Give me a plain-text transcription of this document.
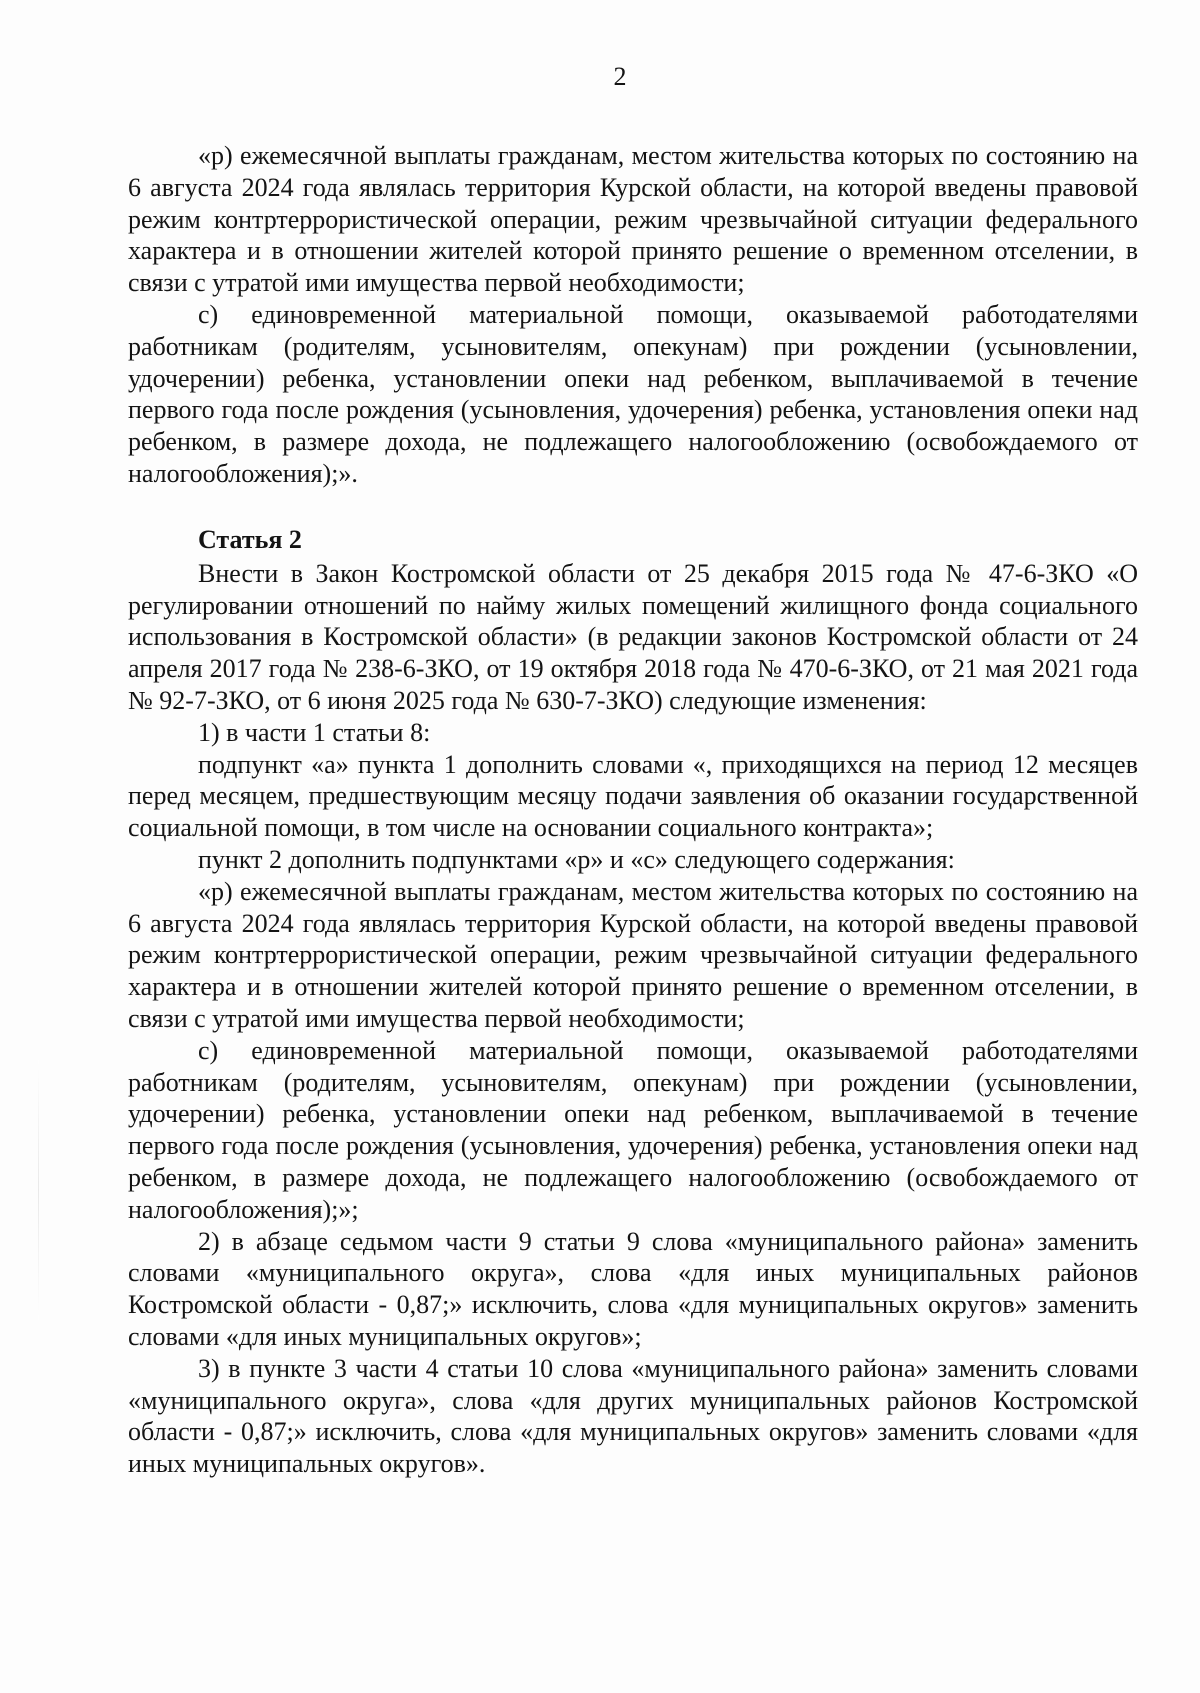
2

«р) ежемесячной выплаты гражданам, местом жительства которых по состоянию на 6 августа 2024 года являлась территория Курской области, на которой введены правовой режим контртеррористической операции, режим чрезвычайной ситуации федерального характера и в отношении жителей которой принято решение о временном отселении, в связи с утратой ими имущества первой необходимости;

с) единовременной материальной помощи, оказываемой работодателями работникам (родителям, усыновителям, опекунам) при рождении (усыновлении, удочерении) ребенка, установлении опеки над ребенком, выплачиваемой в течение первого года после рождения (усыновления, удочерения) ребенка, установления опеки над ребенком, в размере дохода, не подлежащего налогообложению (освобождаемого от налогообложения);».

Статья 2

Внести в Закон Костромской области от 25 декабря 2015 года № 47-6-ЗКО «О регулировании отношений по найму жилых помещений жилищного фонда социального использования в Костромской области» (в редакции законов Костромской области от 24 апреля 2017 года № 238-6-ЗКО, от 19 октября 2018 года № 470-6-ЗКО, от 21 мая 2021 года № 92-7-ЗКО, от 6 июня 2025 года № 630-7-ЗКО) следующие изменения:

1) в части 1 статьи 8:

подпункт «а» пункта 1 дополнить словами «, приходящихся на период 12 месяцев перед месяцем, предшествующим месяцу подачи заявления об оказании государственной социальной помощи, в том числе на основании социального контракта»;

пункт 2 дополнить подпунктами «р» и «с» следующего содержания:

«р) ежемесячной выплаты гражданам, местом жительства которых по состоянию на 6 августа 2024 года являлась территория Курской области, на которой введены правовой режим контртеррористической операции, режим чрезвычайной ситуации федерального характера и в отношении жителей которой принято решение о временном отселении, в связи с утратой ими имущества первой необходимости;

с) единовременной материальной помощи, оказываемой работодателями работникам (родителям, усыновителям, опекунам) при рождении (усыновлении, удочерении) ребенка, установлении опеки над ребенком, выплачиваемой в течение первого года после рождения (усыновления, удочерения) ребенка, установления опеки над ребенком, в размере дохода, не подлежащего налогообложению (освобождаемого от налогообложения);»;

2) в абзаце седьмом части 9 статьи 9 слова «муниципального района» заменить словами «муниципального округа», слова «для иных муниципальных районов Костромской области - 0,87;» исключить, слова «для муниципальных округов» заменить словами «для иных муниципальных округов»;

3) в пункте 3 части 4 статьи 10 слова «муниципального района» заменить словами «муниципального округа», слова «для других муниципальных районов Костромской области - 0,87;» исключить, слова «для муниципальных округов» заменить словами «для иных муниципальных округов».
